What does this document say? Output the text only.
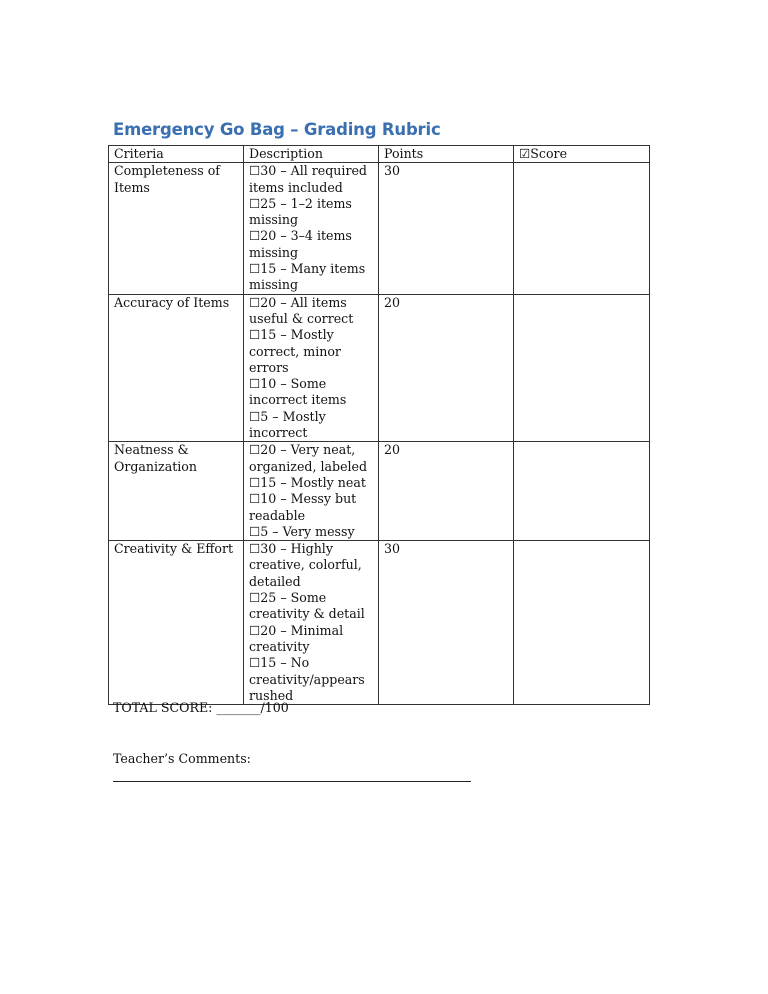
Emergency Go Bag – Grading Rubric
Criteria	Description	Points	☑Score
Completeness of Items	☐30 – All required items included
☐25 – 1–2 items missing
☐20 – 3–4 items missing
☐15 – Many items missing	30	
Accuracy of Items	☐20 – All items useful & correct
☐15 – Mostly correct, minor errors
☐10 – Some incorrect items
☐5 – Mostly incorrect	20	
Neatness & Organization	☐20 – Very neat, organized, labeled
☐15 – Mostly neat
☐10 – Messy but readable
☐5 – Very messy	20	
Creativity & Effort	☐30 – Highly creative, colorful, detailed
☐25 – Some creativity & detail
☐20 – Minimal creativity
☐15 – No creativity/appears rushed	30	
TOTAL SCORE: _______/100
Teacher’s Comments:
